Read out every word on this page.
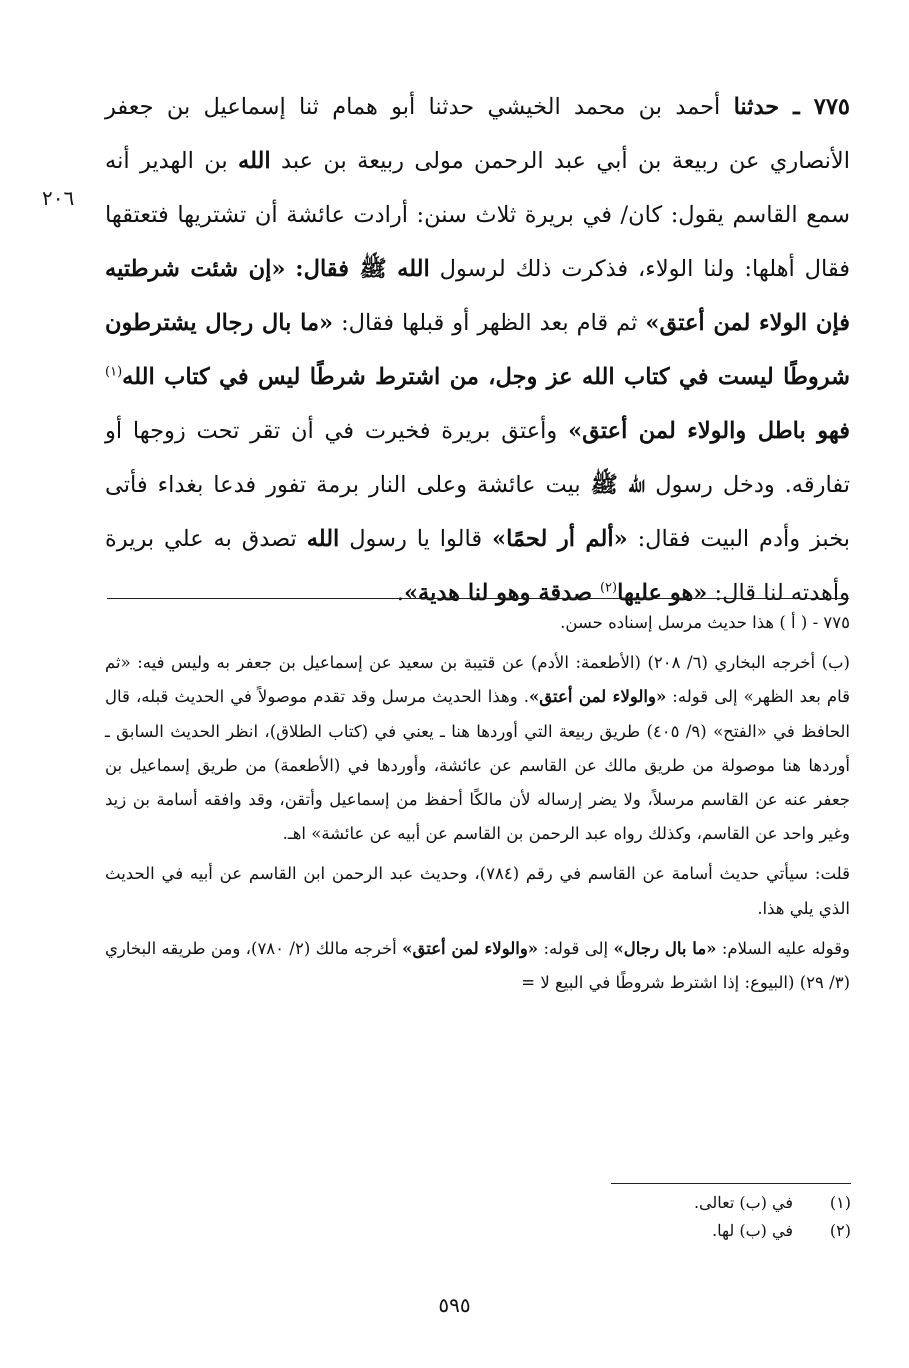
٧٧٥ ـ حدثنا أحمد بن محمد الخيشي حدثنا أبو همام ثنا إسماعيل بن جعفر الأنصاري عن ربيعة بن أبي عبد الرحمن مولى ربيعة بن عبد الله بن الهدير أنه سمع القاسم يقول: كان/ في بريرة ثلاث سنن: أرادت عائشة أن تشتريها فتعتقها فقال أهلها: ولنا الولاء، فذكرت ذلك لرسول الله ﷺ فقال: «إن شئت شرطتيه فإن الولاء لمن أعتق» ثم قام بعد الظهر أو قبلها فقال: «ما بال رجال يشترطون شروطًا ليست في كتاب الله عز وجل، من اشترط شرطًا ليس في كتاب الله$^{(١)}$ فهو باطل والولاء لمن أعتق» وأعتق بريرة فخيرت في أن تقر تحت زوجها أو تفارقه. ودخل رسول الله ﷺ بيت عائشة وعلى النار برمة تفور فدعا بغداء فأتى بخبز وأدم البيت فقال: «ألم أر لحمًا» قالوا يا رسول الله تصدق به علي بريرة وأهدته لنا قال: «هو عليها$^{(٢)}$ صدقة وهو لنا هدية».

٢٠٦

٧٧٥ - ( أ ) هذا حديث مرسل إسناده حسن.

(ب) أخرجه البخاري (٦/ ٢٠٨) (الأطعمة: الأدم) عن قتيبة بن سعيد عن إسماعيل بن جعفر به وليس فيه: «ثم قام بعد الظهر» إلى قوله: «والولاء لمن أعتق». وهذا الحديث مرسل وقد تقدم موصولاً في الحديث قبله، قال الحافظ في «الفتح» (٩/ ٤٠٥) طريق ربيعة التي أوردها هنا ـ يعني في (كتاب الطلاق)، انظر الحديث السابق ـ أوردها هنا موصولة من طريق مالك عن القاسم عن عائشة، وأوردها في (الأطعمة) من طريق إسماعيل بن جعفر عنه عن القاسم مرسلاً، ولا يضر إرساله لأن مالكًا أحفظ من إسماعيل وأتقن، وقد وافقه أسامة بن زيد وغير واحد عن القاسم، وكذلك رواه عبد الرحمن بن القاسم عن أبيه عن عائشة» اهـ.

قلت: سيأتي حديث أسامة عن القاسم في رقم (٧٨٤)، وحديث عبد الرحمن ابن القاسم عن أبيه في الحديث الذي يلي هذا.

وقوله عليه السلام: «ما بال رجال» إلى قوله: «والولاء لمن أعتق» أخرجه مالك (٢/ ٧٨٠)، ومن طريقه البخاري (٣/ ٢٩) (البيوع: إذا اشترط شروطًا في البيع لا =

(١)
في (ب) تعالى.
(٢)
في (ب) لها.
٥٩٥
